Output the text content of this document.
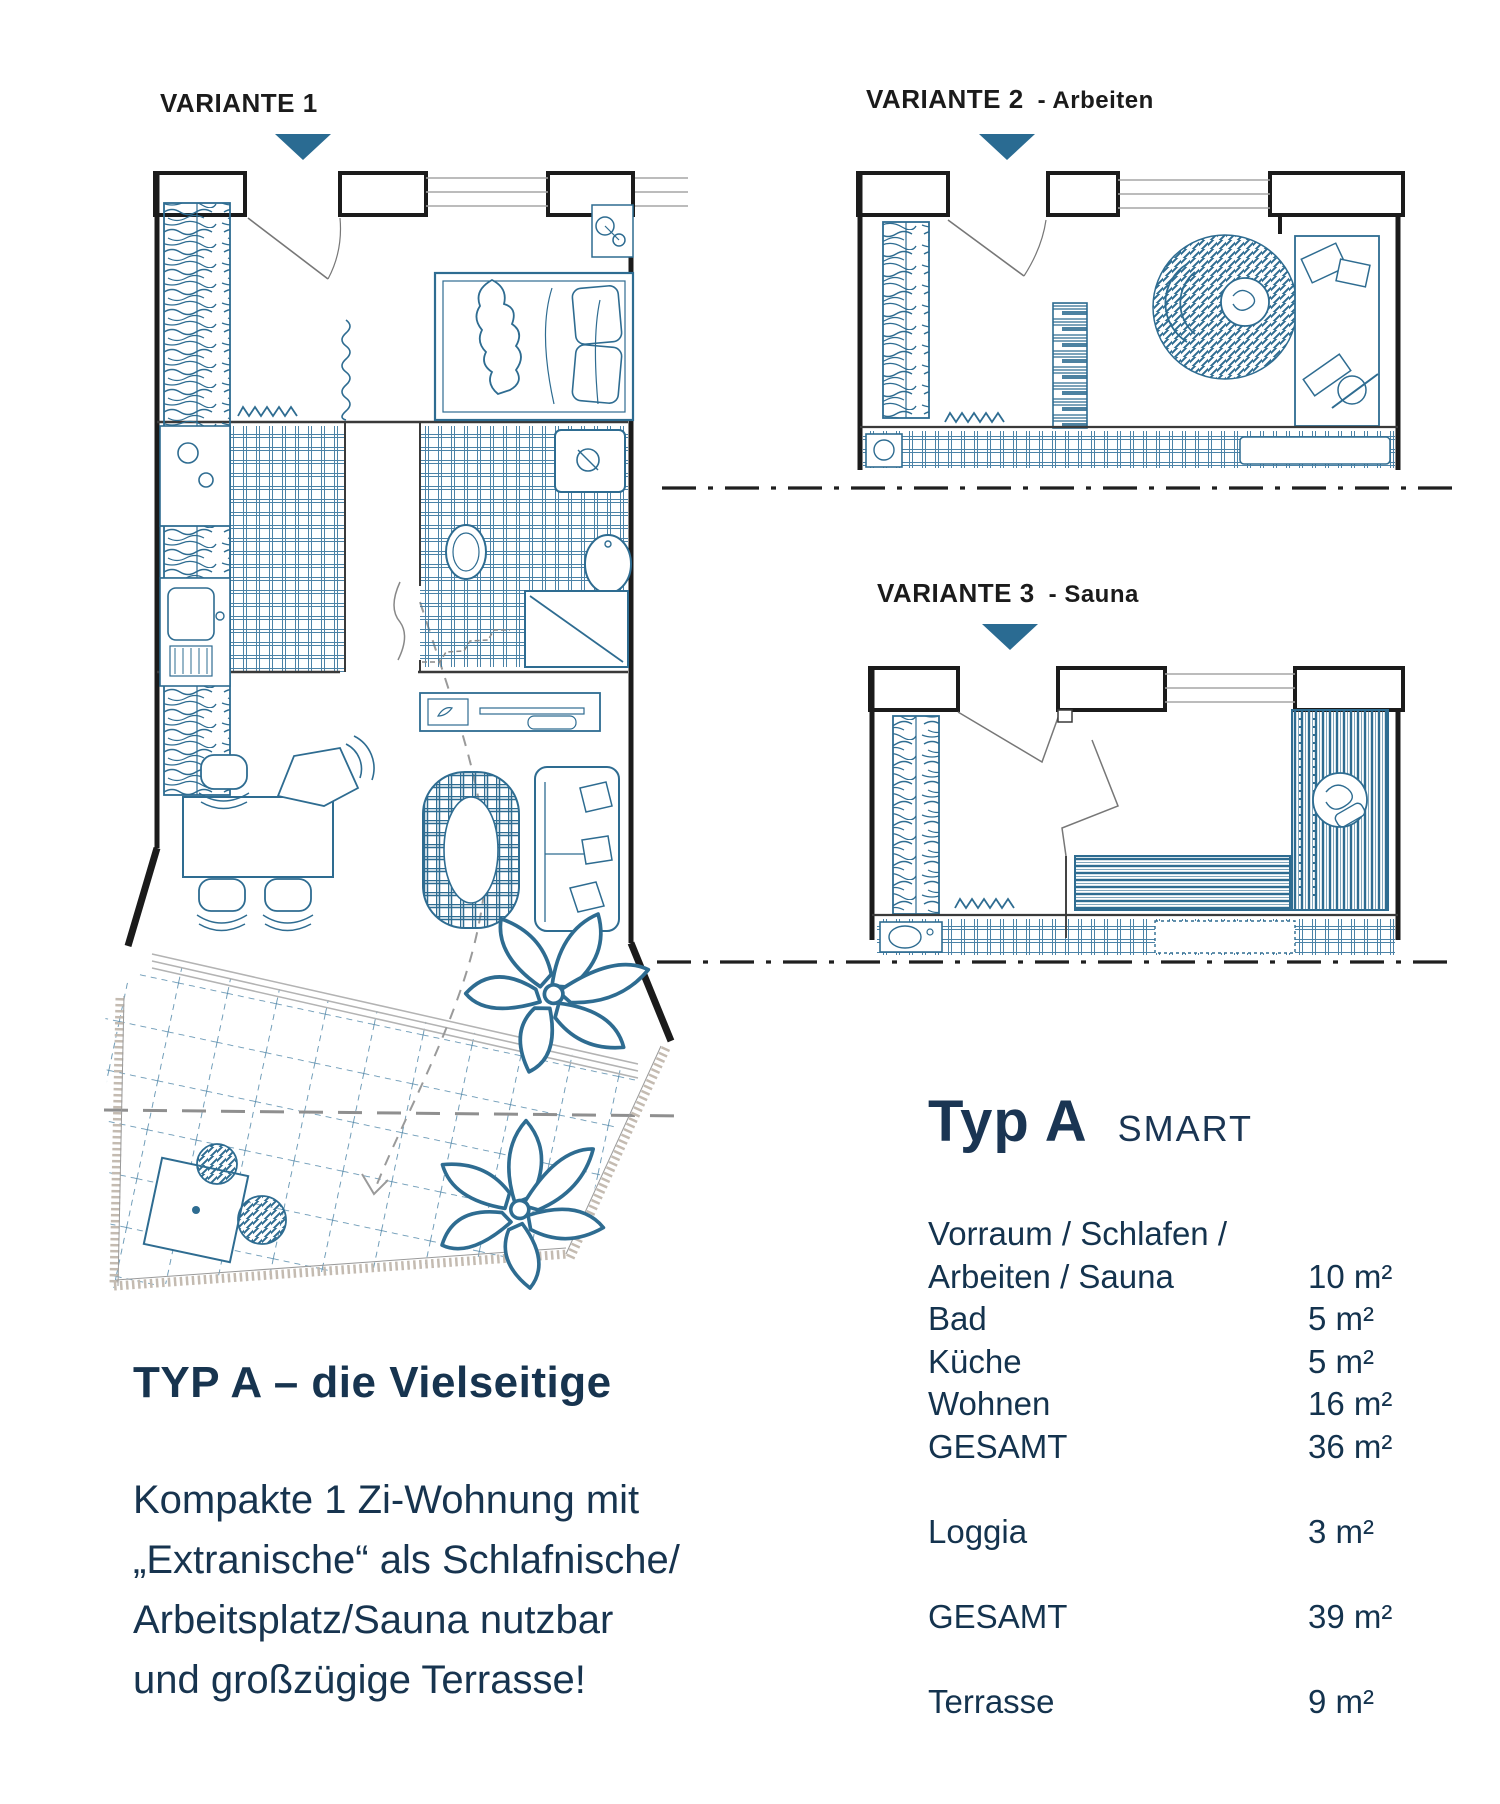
VARIANTE 1	VARIANTE 2 - Arbeiten
VARIANTE 3 - Sauna
Typ A SMART
Vorraum / Schlafen /
Arbeiten / Sauna	10 m²
Bad	5 m²
Küche	5 m²
Wohnen	16 m²
GESAMT	36 m²
Loggia	3 m²
GESAMT	39 m²
Terrasse	9 m²
TYP A – die Vielseitige
Kompakte 1 Zi-Wohnung mit
„Extranische“ als Schlafnische/
Arbeitsplatz/Sauna nutzbar
und großzügige Terrasse!
